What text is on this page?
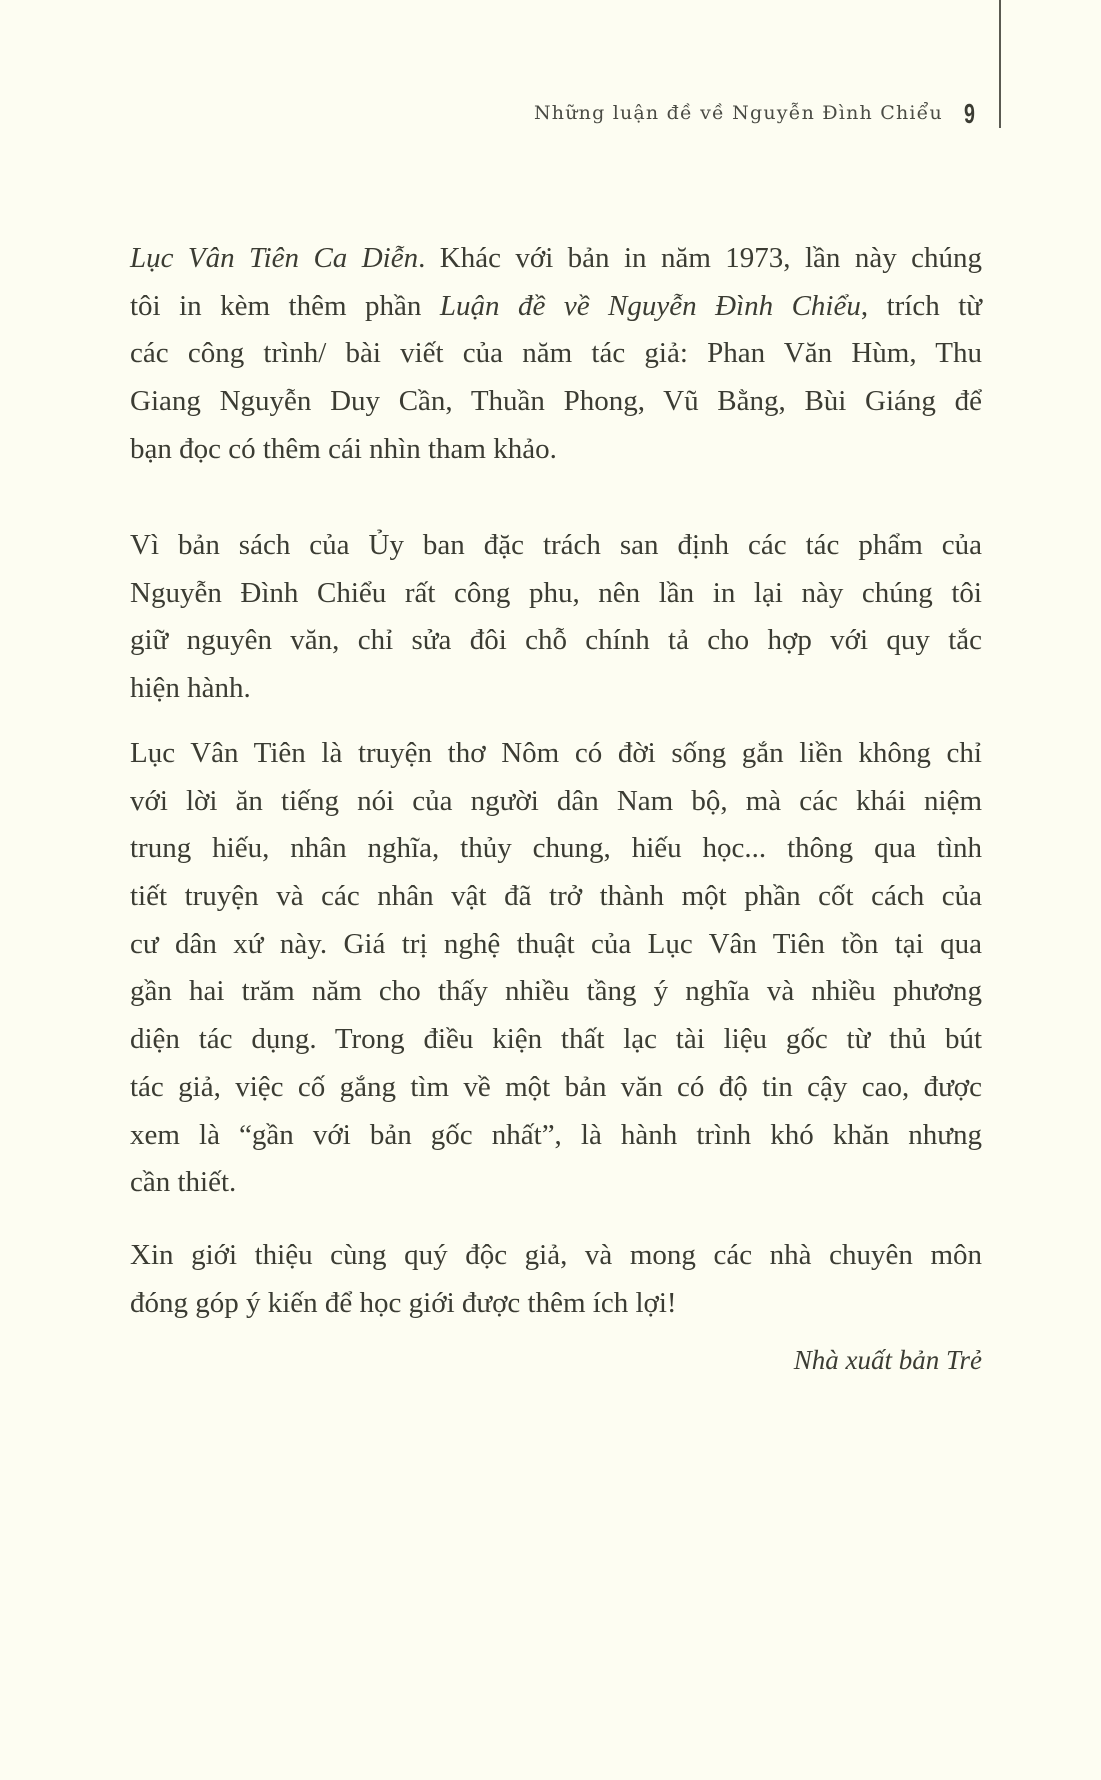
Những luận đề về Nguyễn Đình Chiểu 9
Lục Vân Tiên Ca Diễn. Khác với bản in năm 1973, lần này chúng
tôi in kèm thêm phần Luận đề về Nguyễn Đình Chiểu, trích từ
các công trình/ bài viết của năm tác giả: Phan Văn Hùm, Thu
Giang Nguyễn Duy Cần, Thuần Phong, Vũ Bằng, Bùi Giáng để
bạn đọc có thêm cái nhìn tham khảo.
Vì bản sách của Ủy ban đặc trách san định các tác phẩm của
Nguyễn Đình Chiểu rất công phu, nên lần in lại này chúng tôi
giữ nguyên văn, chỉ sửa đôi chỗ chính tả cho hợp với quy tắc
hiện hành.
Lục Vân Tiên là truyện thơ Nôm có đời sống gắn liền không chỉ
với lời ăn tiếng nói của người dân Nam bộ, mà các khái niệm
trung hiếu, nhân nghĩa, thủy chung, hiếu học... thông qua tình
tiết truyện và các nhân vật đã trở thành một phần cốt cách của
cư dân xứ này. Giá trị nghệ thuật của Lục Vân Tiên tồn tại qua
gần hai trăm năm cho thấy nhiều tầng ý nghĩa và nhiều phương
diện tác dụng. Trong điều kiện thất lạc tài liệu gốc từ thủ bút
tác giả, việc cố gắng tìm về một bản văn có độ tin cậy cao, được
xem là “gần với bản gốc nhất”, là hành trình khó khăn nhưng
cần thiết.
Xin giới thiệu cùng quý độc giả, và mong các nhà chuyên môn
đóng góp ý kiến để học giới được thêm ích lợi!
Nhà xuất bản Trẻ
